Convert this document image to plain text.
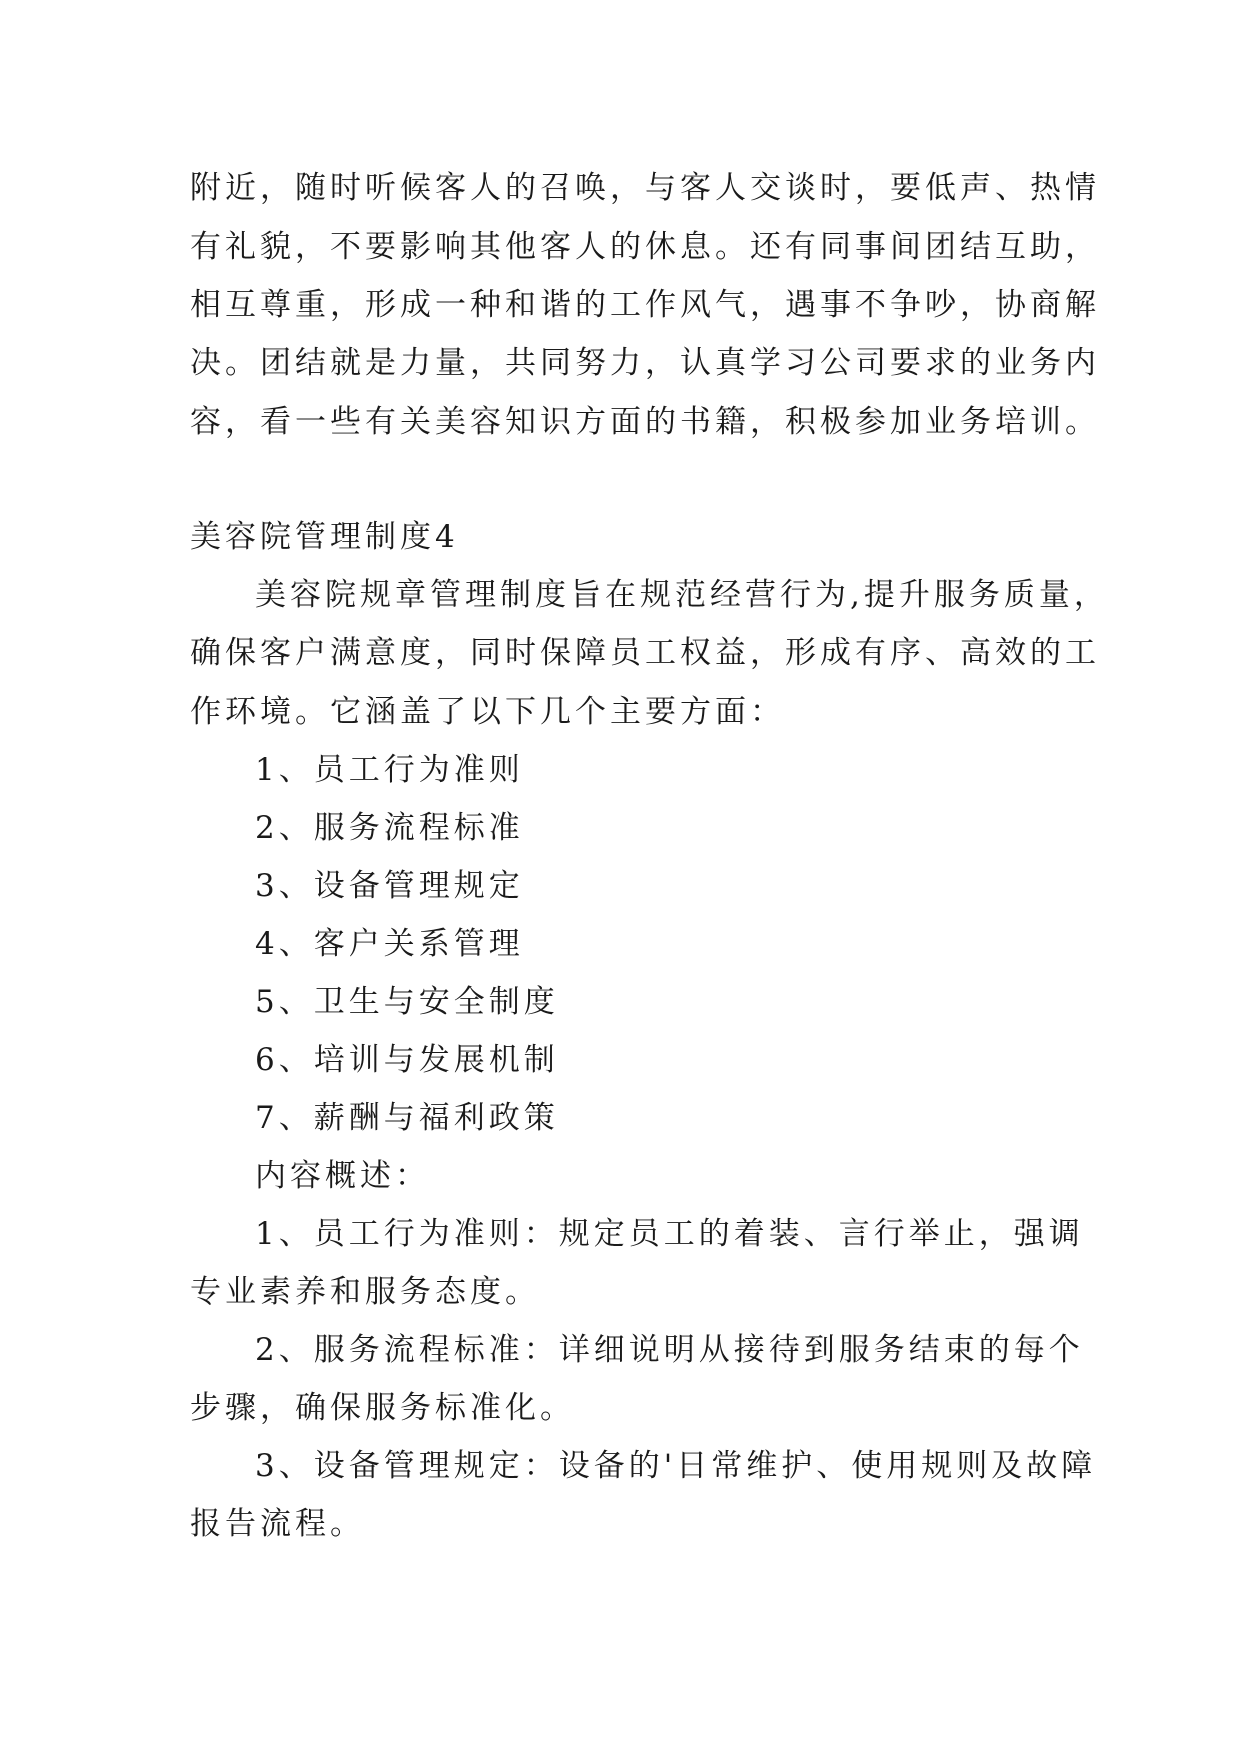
附近，随时听候客人的召唤，与客人交谈时，要低声、热情

有礼貌，不要影响其他客人的休息。还有同事间团结互助，

相互尊重，形成一种和谐的工作风气，遇事不争吵，协商解

决。团结就是力量，共同努力，认真学习公司要求的业务内

容，看一些有关美容知识方面的书籍，积极参加业务培训。

美容院管理制度4

美容院规章管理制度旨在规范经营行为,提升服务质量，

确保客户满意度，同时保障员工权益，形成有序、高效的工

作环境。它涵盖了以下几个主要方面：

1、员工行为准则

2、服务流程标准

3、设备管理规定

4、客户关系管理

5、卫生与安全制度

6、培训与发展机制

7、薪酬与福利政策

内容概述：

1、员工行为准则：规定员工的着装、言行举止，强调

专业素养和服务态度。

2、服务流程标准：详细说明从接待到服务结束的每个

步骤，确保服务标准化。

3、设备管理规定：设备的'日常维护、使用规则及故障

报告流程。
